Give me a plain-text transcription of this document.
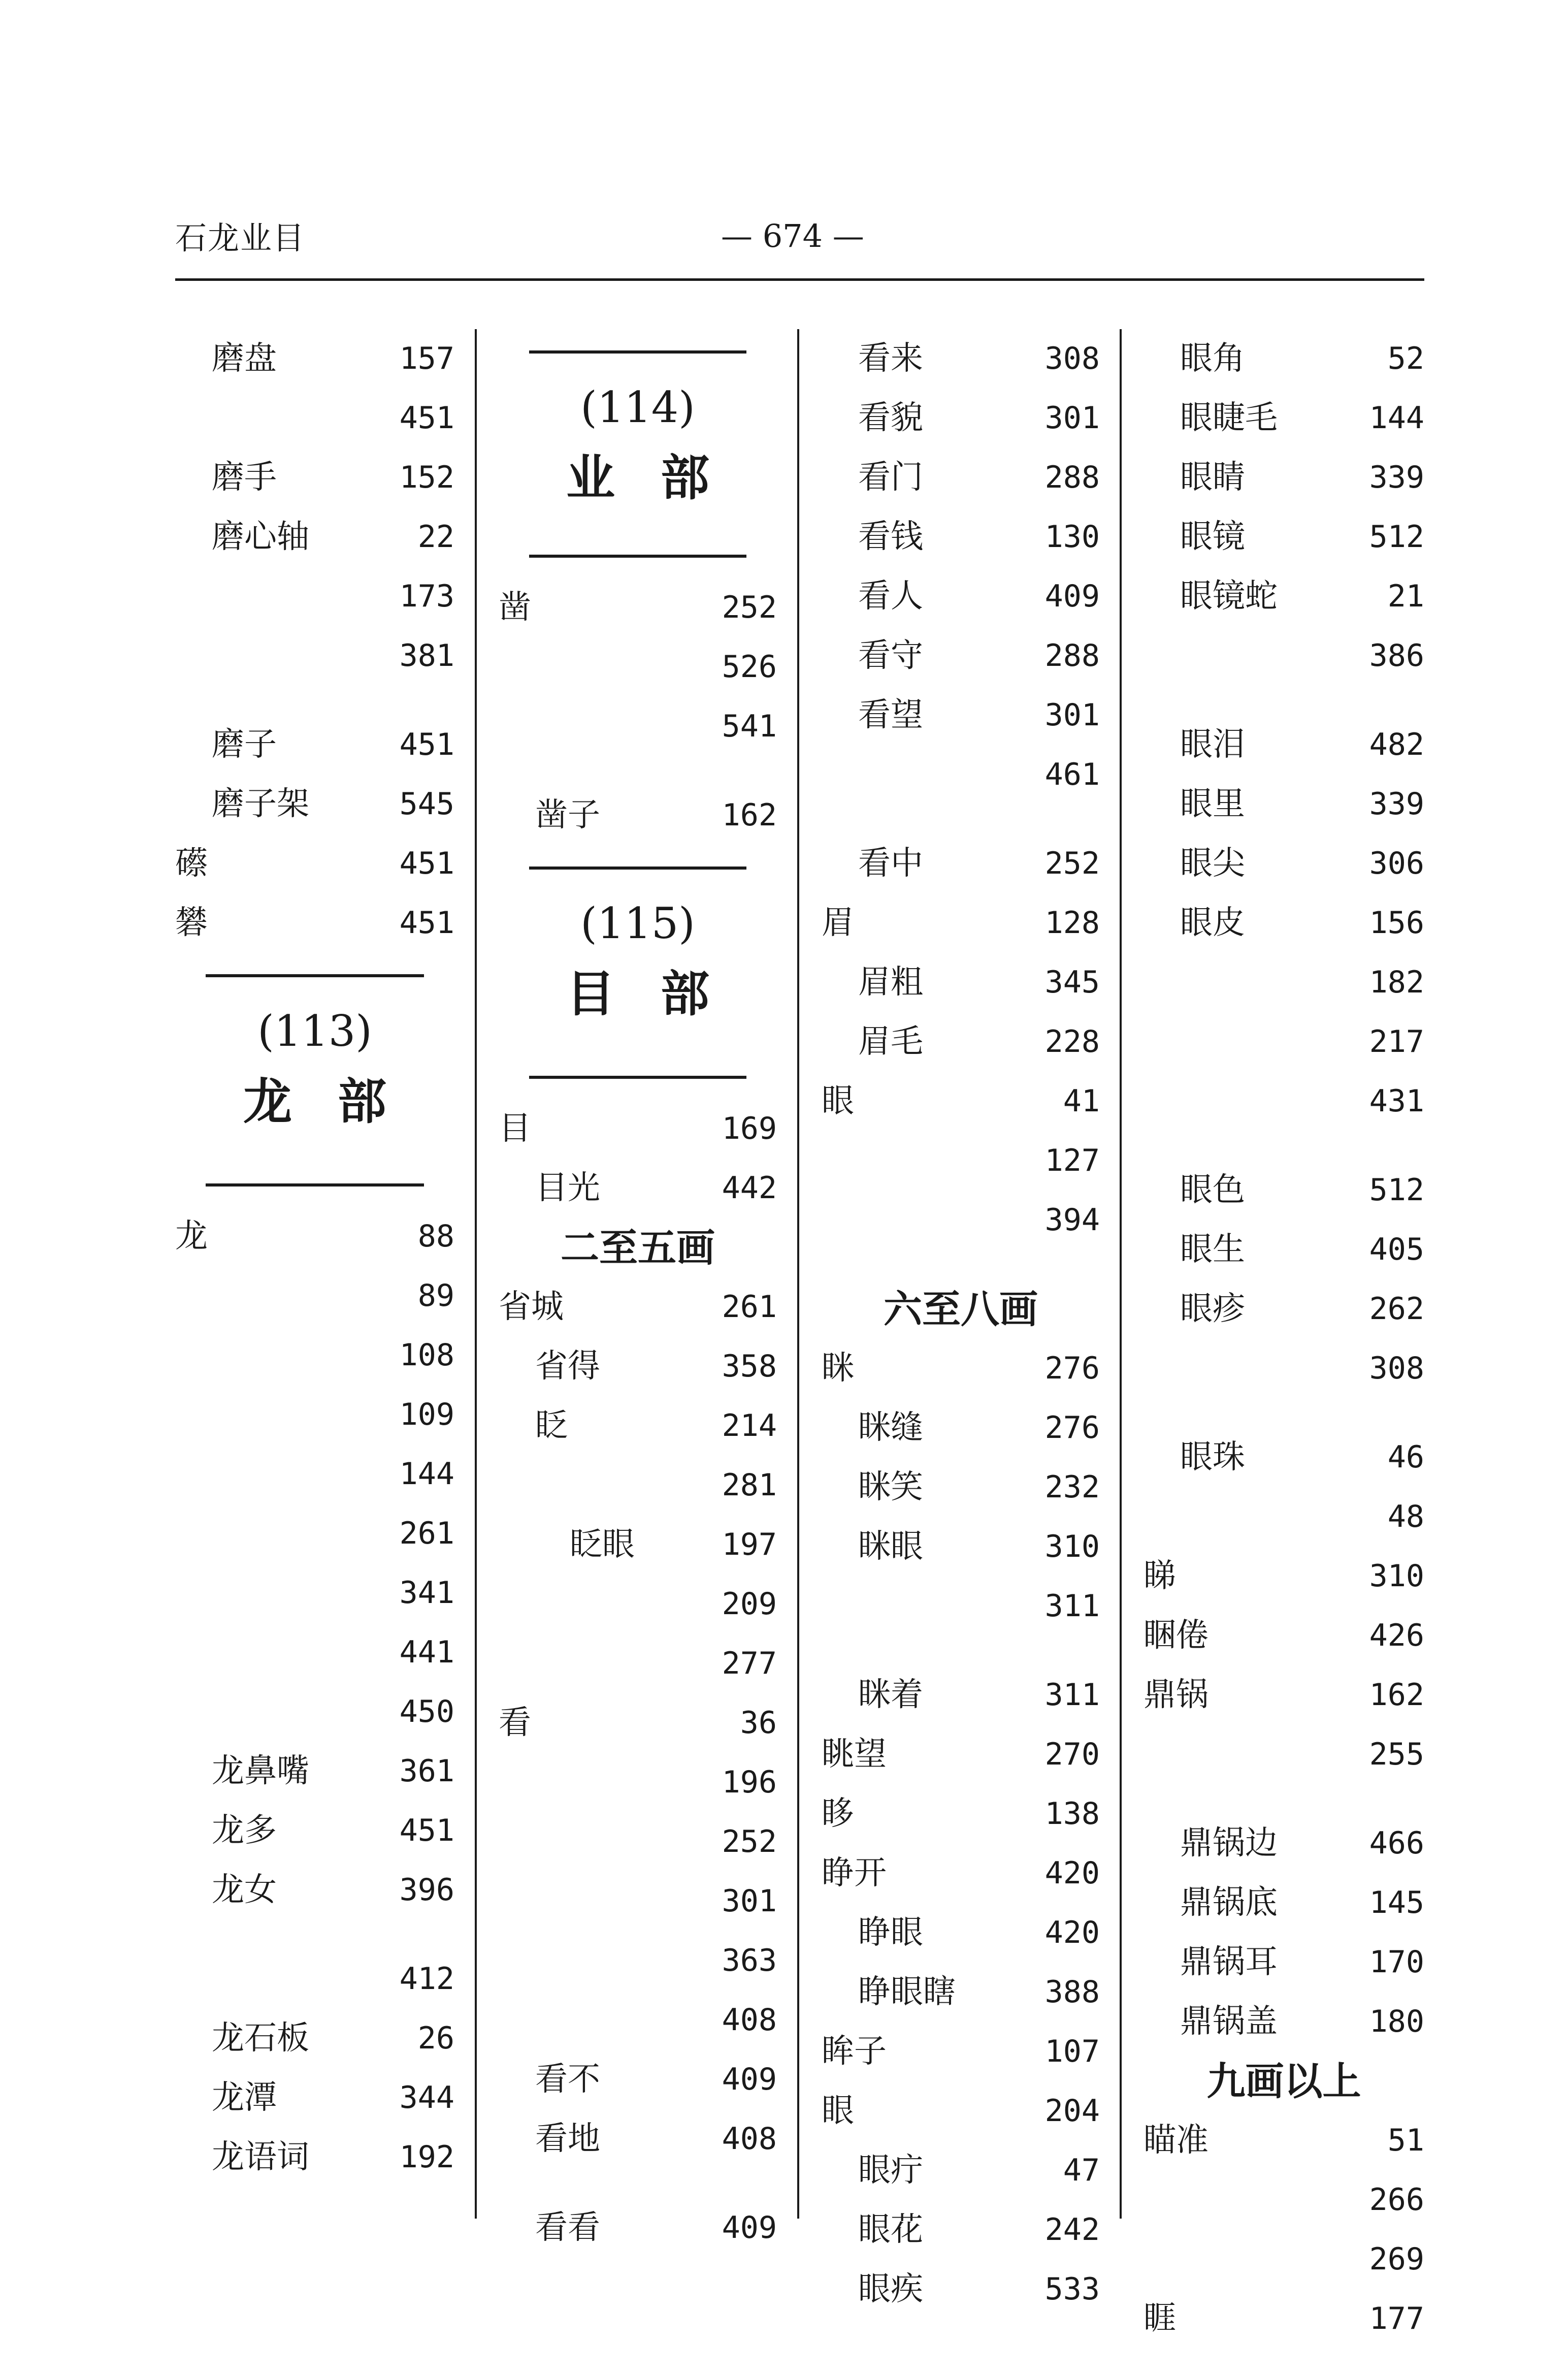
石龙业目	— 674 —
磨盘	157
451
磨手	152
磨心轴	22
173
381
磨子	451
磨子架	545
礤	451
礬	451
(113)
龙部
龙	88
89
108
109
144
261
341
441
450
龙鼻嘴	361
龙多	451
龙女	396
412
龙石板	26
龙潭	344
龙语词	192
(114)
业部
凿	252
526
541
凿子	162
(115)
目部
目	169
目光	442
二至五画
省城	261
省得	358
眨	214
281
眨眼	197
209
277
看	36
196
252
301
363
408
看不	409
看地	408
看看	409
看来	308
看貌	301
看门	288
看钱	130
看人	409
看守	288
看望	301
461
看中	252
眉	128
眉粗	345
眉毛	228
眼	41
127
394
六至八画
眯	276
眯缝	276
眯笑	232
眯眼	310
311
眯着	311
眺望	270
眵	138
睁开	420
睁眼	420
睁眼瞎	388
眸子	107
眼	204
眼疔	47
眼花	242
眼疾	533
眼角	52
眼睫毛	144
眼睛	339
眼镜	512
眼镜蛇	21
386
眼泪	482
眼里	339
眼尖	306
眼皮	156
182
217
431
眼色	512
眼生	405
眼疹	262
308
眼珠	46
48
睇	310
睏倦	426
鼎锅	162
255
鼎锅边	466
鼎锅底	145
鼎锅耳	170
鼎锅盖	180
九画以上
瞄准	51
266
269
睚	177
